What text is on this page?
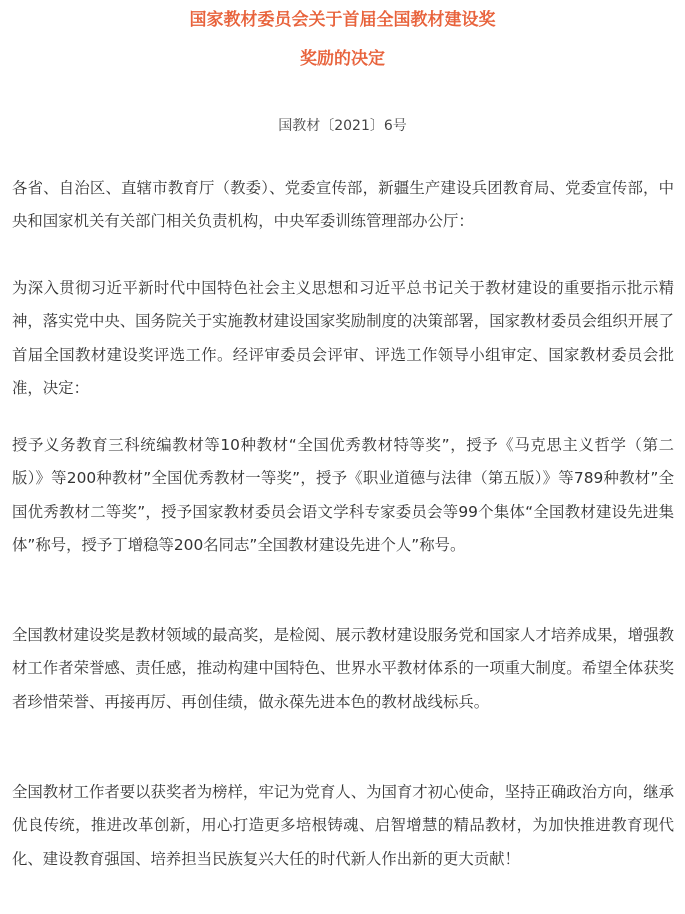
国家教材委员会关于首届全国教材建设奖
奖励的决定
国教材〔2021〕6号

各省、自治区、直辖市教育厅（教委）、党委宣传部，新疆生产建设兵团教育局、党委宣传部，中央和国家机关有关部门相关负责机构，中央军委训练管理部办公厅：

为深入贯彻习近平新时代中国特色社会主义思想和习近平总书记关于教材建设的重要指示批示精神，落实党中央、国务院关于实施教材建设国家奖励制度的决策部署，国家教材委员会组织开展了首届全国教材建设奖评选工作。经评审委员会评审、评选工作领导小组审定、国家教材委员会批准，决定：

授予义务教育三科统编教材等10种教材“全国优秀教材特等奖”，授予《马克思主义哲学（第二版）》等200种教材”全国优秀教材一等奖”，授予《职业道德与法律（第五版）》等789种教材”全国优秀教材二等奖”，授予国家教材委员会语文学科专家委员会等99个集体“全国教材建设先进集体”称号，授予丁增稳等200名同志”全国教材建设先进个人”称号。

全国教材建设奖是教材领域的最高奖，是检阅、展示教材建设服务党和国家人才培养成果，增强教材工作者荣誉感、责任感，推动构建中国特色、世界水平教材体系的一项重大制度。希望全体获奖者珍惜荣誉、再接再厉、再创佳绩，做永葆先进本色的教材战线标兵。

全国教材工作者要以获奖者为榜样，牢记为党育人、为国育才初心使命，坚持正确政治方向，继承优良传统，推进改革创新，用心打造更多培根铸魂、启智增慧的精品教材，为加快推进教育现代化、建设教育强国、培养担当民族复兴大任的时代新人作出新的更大贡献！
